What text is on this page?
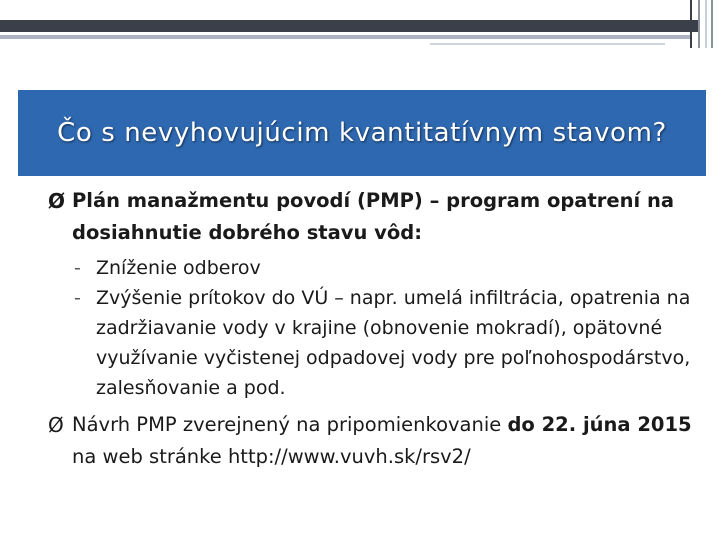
Čo s nevyhovujúcim kvantitatívnym stavom?
Ø Plán manažmentu povodí (PMP) – program opatrení na dosiahnutie dobrého stavu vôd:
- Zníženie odberov
- Zvýšenie prítokov do VÚ – napr. umelá infiltrácia, opatrenia na zadržiavanie vody v krajine (obnovenie mokradí), opätovné využívanie vyčistenej odpadovej vody pre poľnohospodárstvo, zalesňovanie a pod.
Ø Návrh PMP zverejnený na pripomienkovanie do 22. júna 2015 na web stránke http://www.vuvh.sk/rsv2/
